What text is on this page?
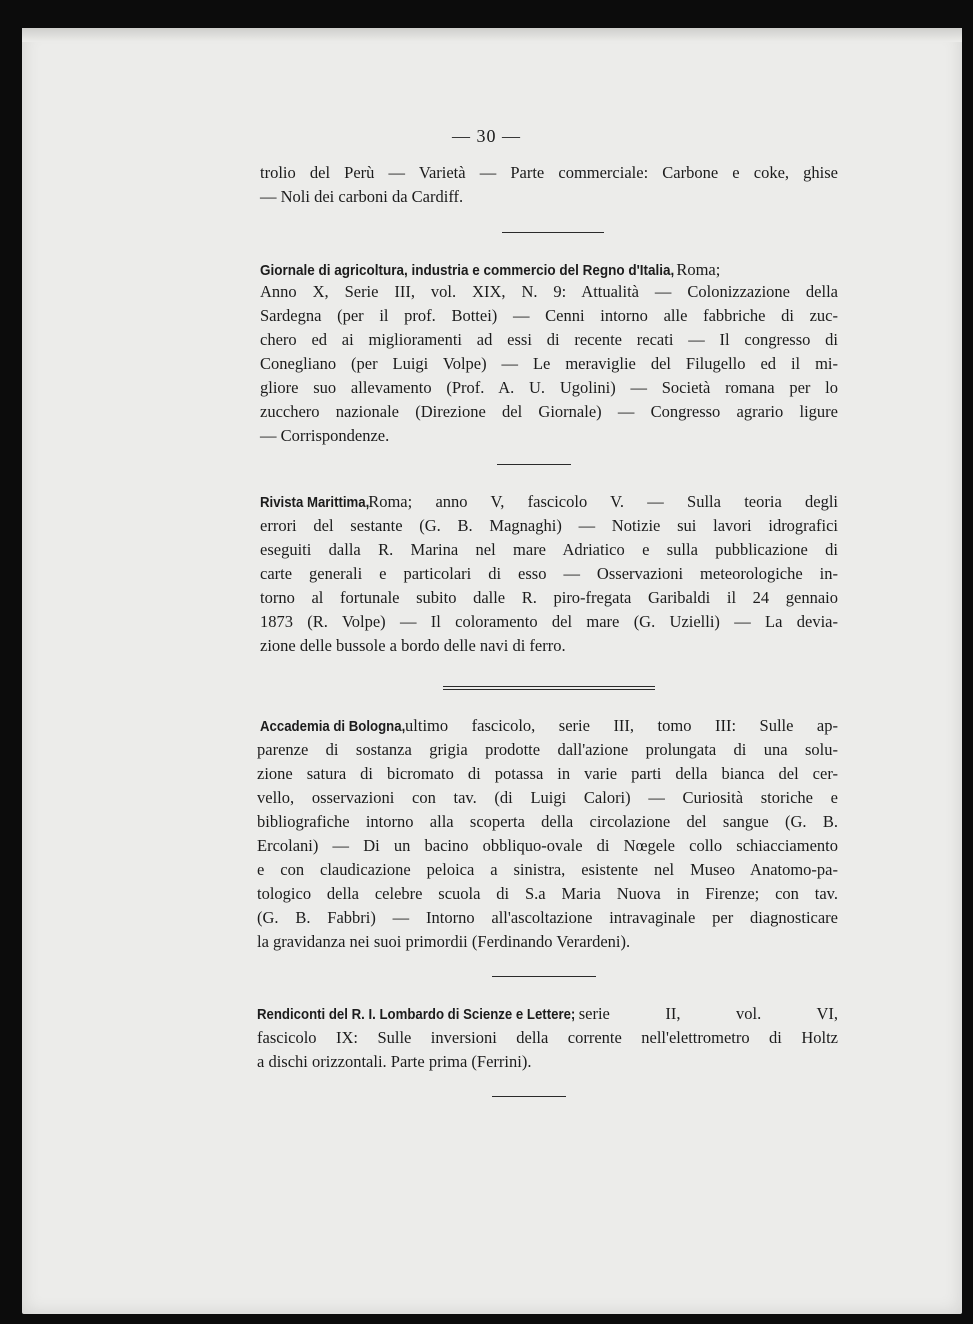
— 30 —
trolio del Perù — Varietà — Parte commerciale: Carbone e coke, ghise
— Noli dei carboni da Cardiff.
Giornale di agricoltura, industria e commercio del Regno d'Italia, Roma;
Anno X, Serie III, vol. XIX, N. 9: Attualità — Colonizzazione della
Sardegna (per il prof. Bottei) — Cenni intorno alle fabbriche di zuc-
chero ed ai miglioramenti ad essi di recente recati — Il congresso di
Conegliano (per Luigi Volpe) — Le meraviglie del Filugello ed il mi-
gliore suo allevamento (Prof. A. U. Ugolini) — Società romana per lo
zucchero nazionale (Direzione del Giornale) — Congresso agrario ligure
— Corrispondenze.
Rivista Marittima,
Roma; anno V, fascicolo V. — Sulla teoria degli
errori del sestante (G. B. Magnaghi) — Notizie sui lavori idrografici
eseguiti dalla R. Marina nel mare Adriatico e sulla pubblicazione di
carte generali e particolari di esso — Osservazioni meteorologiche in-
torno al fortunale subito dalle R. piro-fregata Garibaldi il 24 gennaio
1873 (R. Volpe) — Il coloramento del mare (G. Uzielli) — La devia-
zione delle bussole a bordo delle navi di ferro.
Accademia di Bologna, ultimo fascicolo, serie III, tomo III: Sulle ap-
parenze di sostanza grigia prodotte dall'azione prolungata di una solu-
zione satura di bicromato di potassa in varie parti della bianca del cer-
vello, osservazioni con tav. (di Luigi Calori) — Curiosità storiche e
bibliografiche intorno alla scoperta della circolazione del sangue (G. B.
Ercolani) — Di un bacino obbliquo-ovale di Nœgele collo schiacciamento
e con claudicazione peloica a sinistra, esistente nel Museo Anatomo-pa-
tologico della celebre scuola di S.a Maria Nuova in Firenze; con tav.
(G. B. Fabbri) — Intorno all'ascoltazione intravaginale per diagnosticare
la gravidanza nei suoi primordii (Ferdinando Verardeni).
Rendiconti del R. I. Lombardo di Scienze e Lettere; serie II, vol. VI,
fascicolo IX: Sulle inversioni della corrente nell'elettrometro di Holtz
a dischi orizzontali. Parte prima (Ferrini).
